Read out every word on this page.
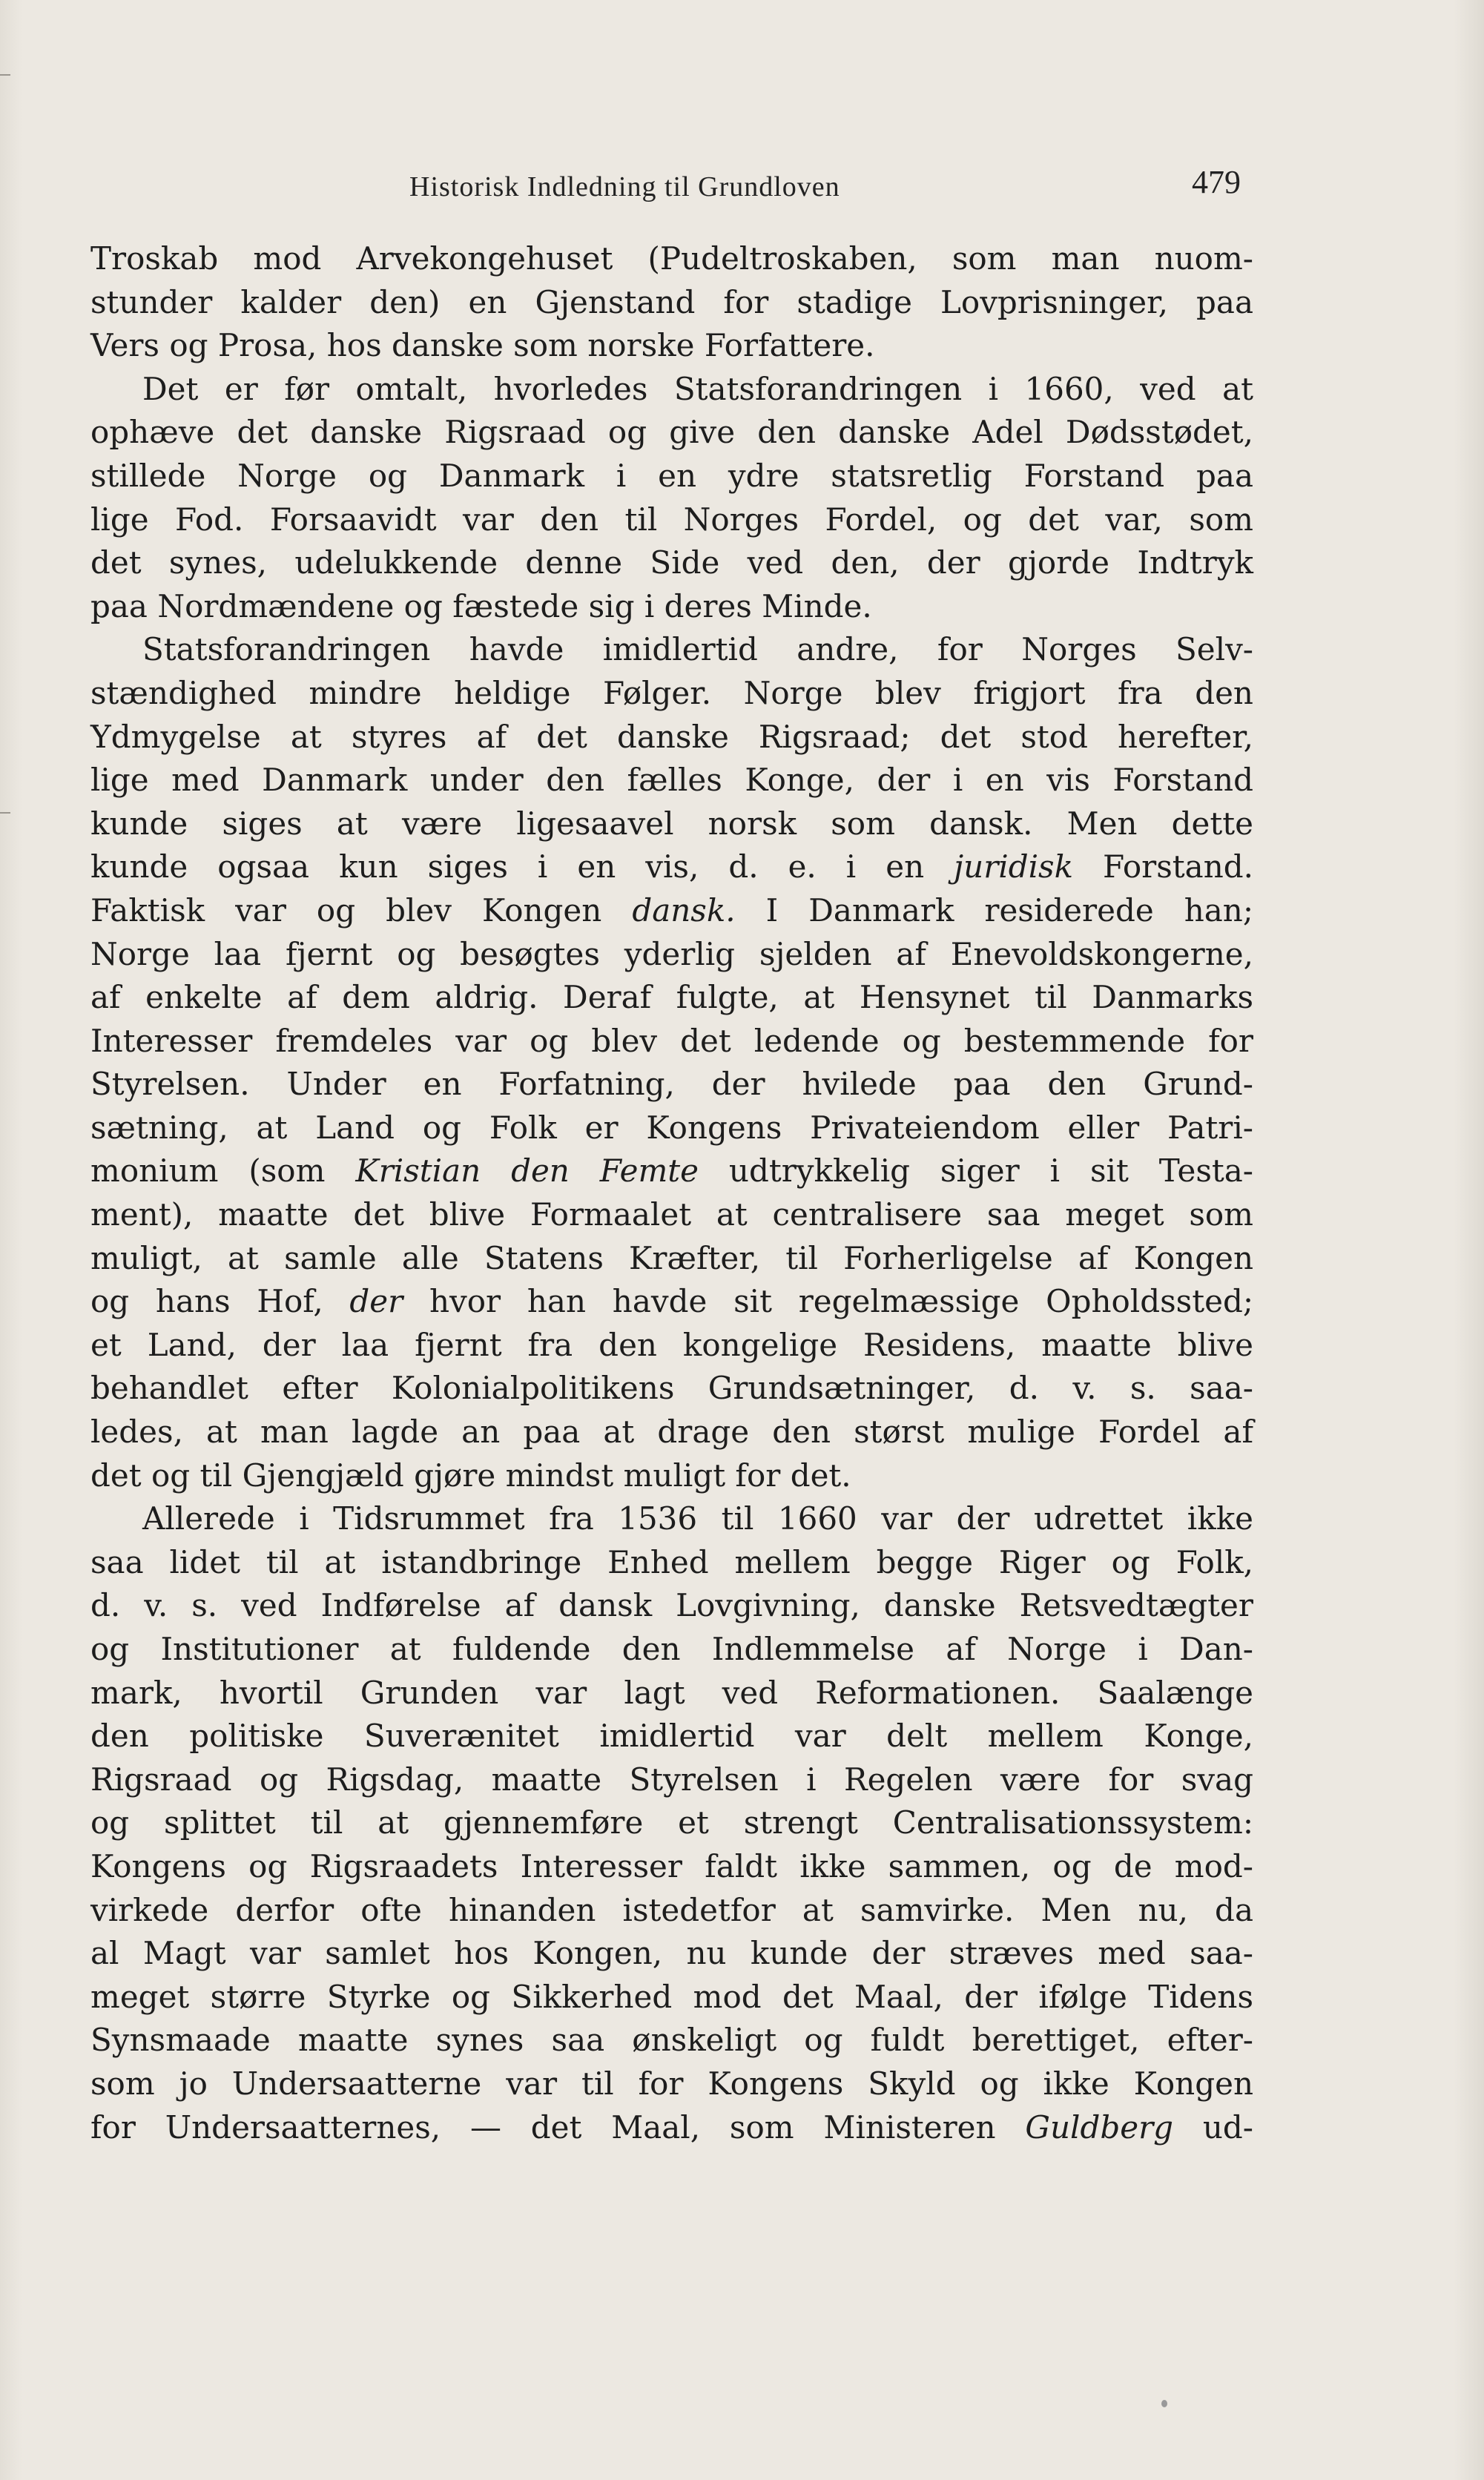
Historisk Indledning til Grundloven	479
Troskab mod Arvekongehuset (Pudeltroskaben, som man nuom-
stunder kalder den) en Gjenstand for stadige Lovprisninger, paa
Vers og Prosa, hos danske som norske Forfattere.
Det er før omtalt, hvorledes Statsforandringen i 1660, ved at
ophæve det danske Rigsraad og give den danske Adel Dødsstødet,
stillede Norge og Danmark i en ydre statsretlig Forstand paa
lige Fod. Forsaavidt var den til Norges Fordel, og det var, som
det synes, udelukkende denne Side ved den, der gjorde Indtryk
paa Nordmændene og fæstede sig i deres Minde.
Statsforandringen havde imidlertid andre, for Norges Selv-
stændighed mindre heldige Følger. Norge blev frigjort fra den
Ydmygelse at styres af det danske Rigsraad; det stod herefter,
lige med Danmark under den fælles Konge, der i en vis Forstand
kunde siges at være ligesaavel norsk som dansk. Men dette
kunde ogsaa kun siges i en vis, d. e. i en juridisk Forstand.
Faktisk var og blev Kongen dansk. I Danmark residerede han;
Norge laa fjernt og besøgtes yderlig sjelden af Enevoldskongerne,
af enkelte af dem aldrig. Deraf fulgte, at Hensynet til Danmarks
Interesser fremdeles var og blev det ledende og bestemmende for
Styrelsen. Under en Forfatning, der hvilede paa den Grund-
sætning, at Land og Folk er Kongens Privateiendom eller Patri-
monium (som Kristian den Femte udtrykkelig siger i sit Testa-
ment), maatte det blive Formaalet at centralisere saa meget som
muligt, at samle alle Statens Kræfter, til Forherligelse af Kongen
og hans Hof, der hvor han havde sit regelmæssige Opholdssted;
et Land, der laa fjernt fra den kongelige Residens, maatte blive
behandlet efter Kolonialpolitikens Grundsætninger, d. v. s. saa-
ledes, at man lagde an paa at drage den størst mulige Fordel af
det og til Gjengjæld gjøre mindst muligt for det.
Allerede i Tidsrummet fra 1536 til 1660 var der udrettet ikke
saa lidet til at istandbringe Enhed mellem begge Riger og Folk,
d. v. s. ved Indførelse af dansk Lovgivning, danske Retsvedtægter
og Institutioner at fuldende den Indlemmelse af Norge i Dan-
mark, hvortil Grunden var lagt ved Reformationen. Saalænge
den politiske Suverænitet imidlertid var delt mellem Konge,
Rigsraad og Rigsdag, maatte Styrelsen i Regelen være for svag
og splittet til at gjennemføre et strengt Centralisationssystem:
Kongens og Rigsraadets Interesser faldt ikke sammen, og de mod-
virkede derfor ofte hinanden istedetfor at samvirke. Men nu, da
al Magt var samlet hos Kongen, nu kunde der stræves med saa-
meget større Styrke og Sikkerhed mod det Maal, der ifølge Tidens
Synsmaade maatte synes saa ønskeligt og fuldt berettiget, efter-
som jo Undersaatterne var til for Kongens Skyld og ikke Kongen
for Undersaatternes, — det Maal, som Ministeren Guldberg ud-
